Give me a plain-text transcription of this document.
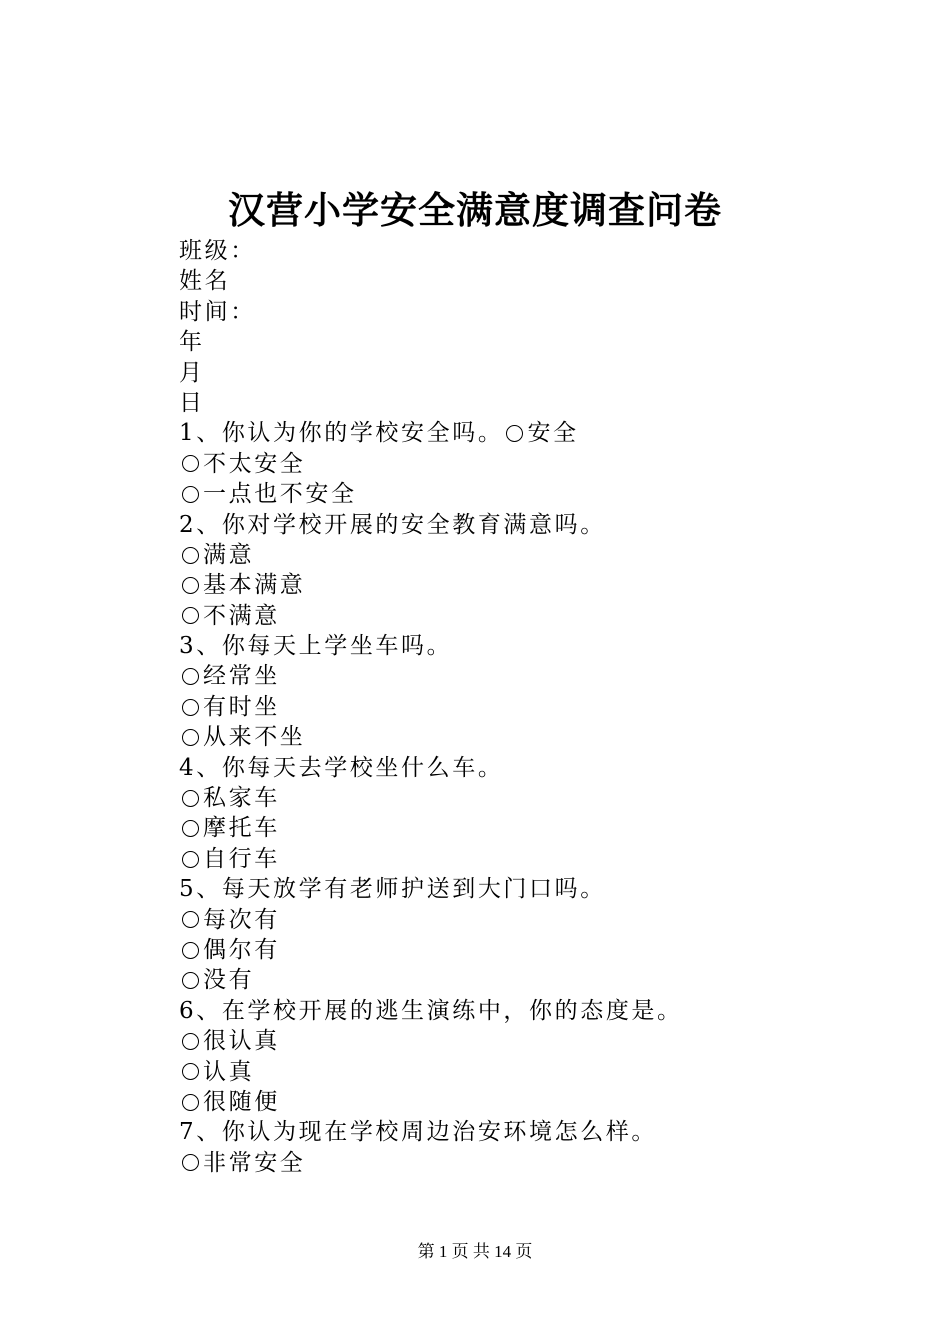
汉营小学安全满意度调查问卷
班级：
姓名
时间：
年
月
日
1、你认为你的学校安全吗。 安全
不太安全
一点也不安全
2、你对学校开展的安全教育满意吗。
满意
基本满意
不满意
3、你每天上学坐车吗。
经常坐
有时坐
从来不坐
4、你每天去学校坐什么车。
私家车
摩托车
自行车
5、每天放学有老师护送到大门口吗。
每次有
偶尔有
没有
6、在学校开展的逃生演练中，你的态度是。
很认真
认真
很随便
7、你认为现在学校周边治安环境怎么样。
非常安全
第 1 页 共 14 页
